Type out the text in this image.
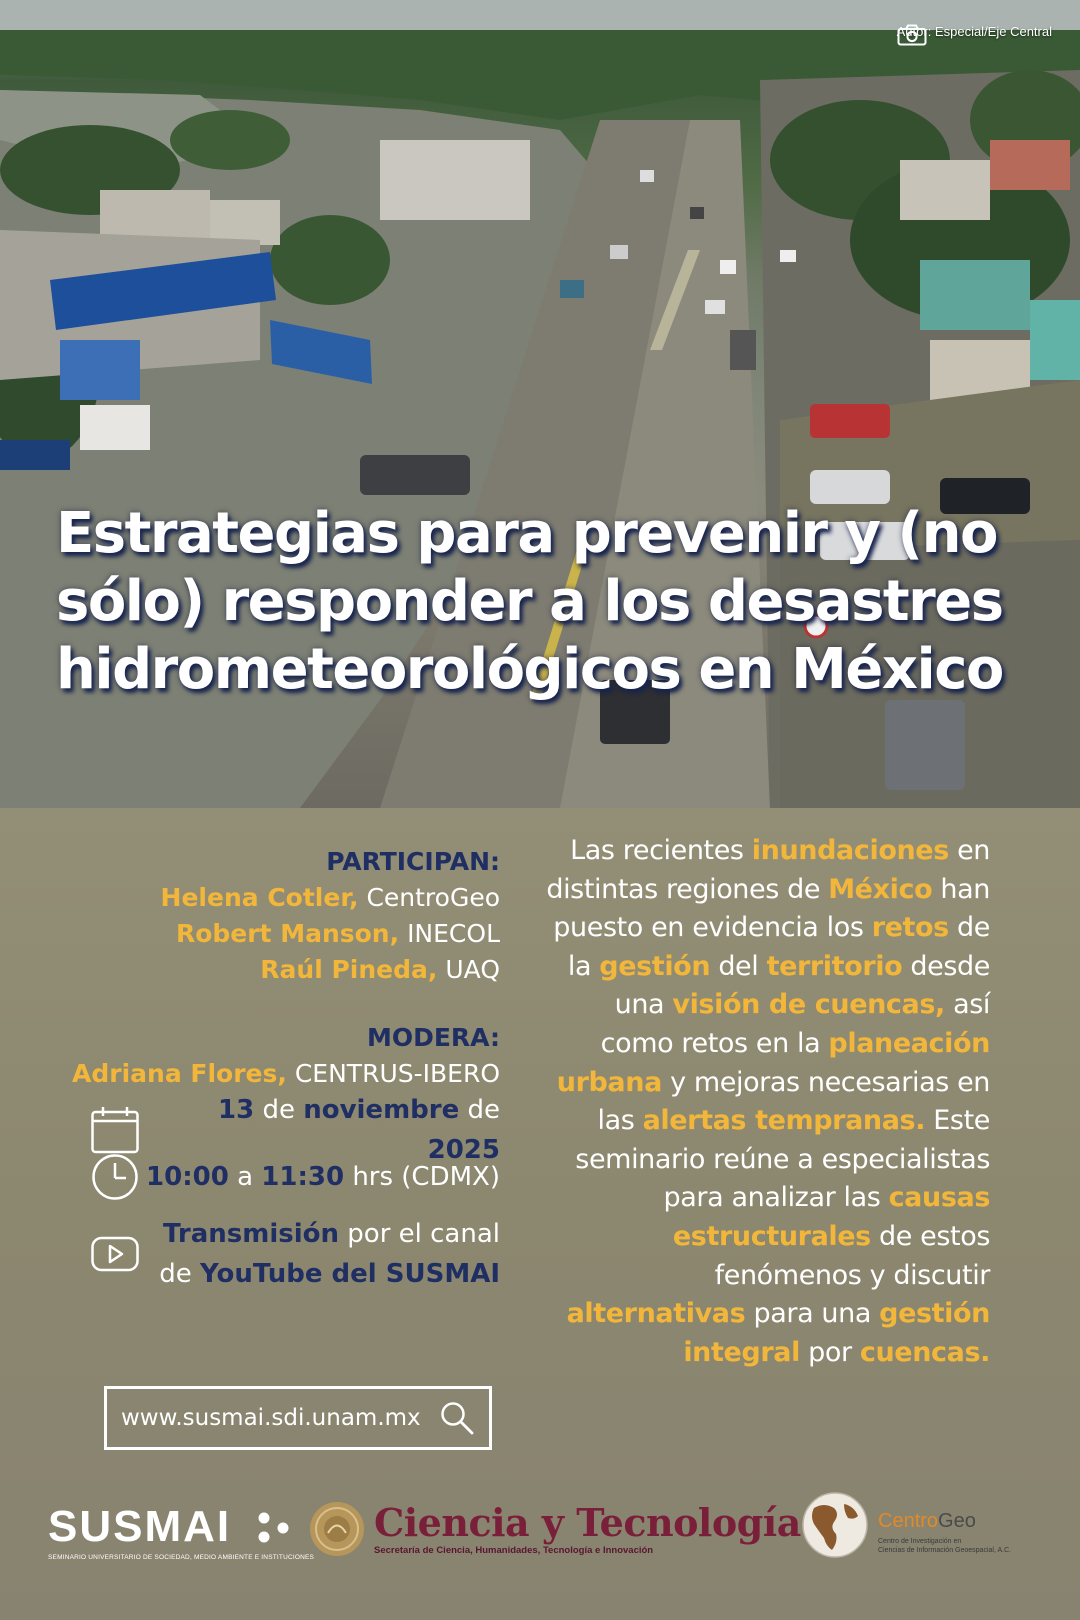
Autor: Especial/Eje Central
Estrategias para prevenir y (no sólo) responder a los desastres hidrometeorológicos en México
PARTICIPAN:
Helena Cotler, CentroGeo
Robert Manson, INECOL
Raúl Pineda, UAQ
MODERA:
Adriana Flores, CENTRUS-IBERO
13 de noviembre de 2025
10:00 a 11:30 hrs (CDMX)
Transmisión por el canal
de YouTube del SUSMAI
www.susmai.sdi.unam.mx

Las recientes inundaciones en distintas regiones de México han puesto en evidencia los retos de la gestión del territorio desde una visión de cuencas, así como retos en la planeación urbana y mejoras necesarias en las alertas tempranas. Este seminario reúne a especialistas para analizar las causas estructurales de estos fenómenos y discutir alternativas para una gestión integral por cuencas.

SUSMAI
SEMINARIO UNIVERSITARIO DE SOCIEDAD, MEDIO AMBIENTE E INSTITUCIONES
Ciencia y Tecnología
Secretaría de Ciencia, Humanidades, Tecnología e Innovación
CentroGeo
Centro de Investigación en
Ciencias de Información Geoespacial, A.C.
